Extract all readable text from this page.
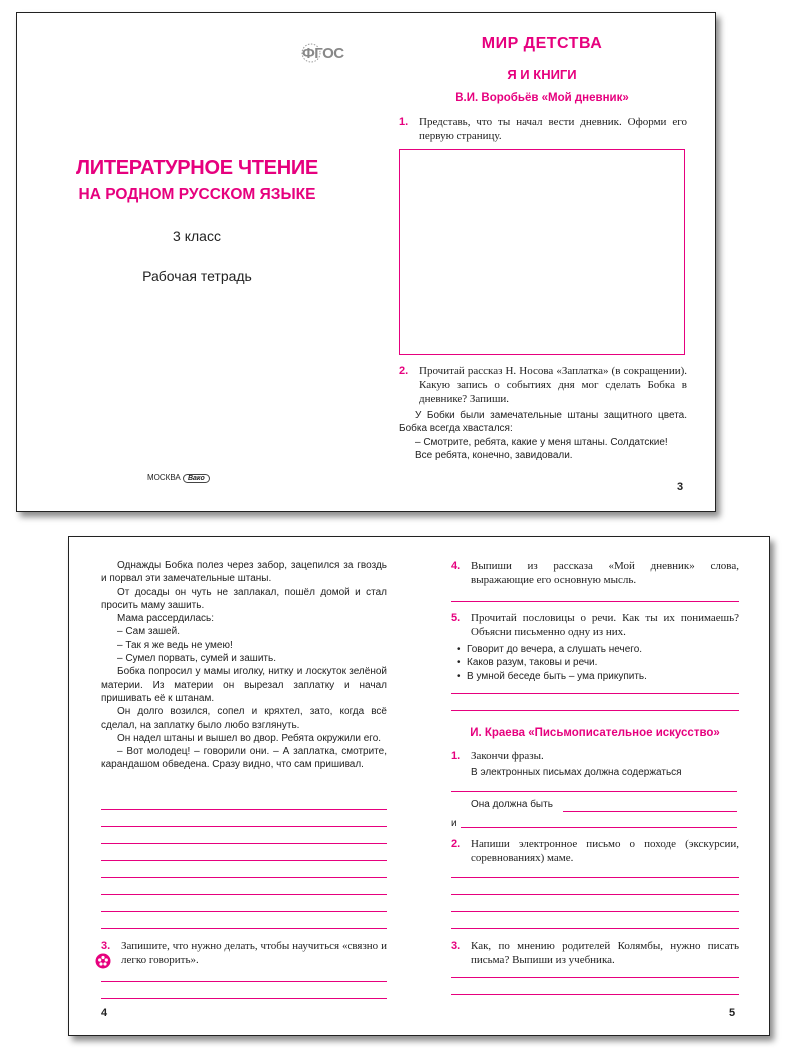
ФГОС
ЛИТЕРАТУРНОЕ ЧТЕНИЕ
НА РОДНОМ РУССКОМ ЯЗЫКЕ
3 класс
Рабочая тетрадь
МОСКВА Вако
МИР ДЕТСТВА
Я И КНИГИ
В.И. Воробьёв «Мой дневник»
1. Представь, что ты начал вести дневник. Оформи его первую страницу.
2. Прочитай рассказ Н. Носова «Заплатка» (в сокращении). Какую запись о событиях дня мог сделать Бобка в дневнике? Запиши.

У Бобки были замечательные штаны защитного цвета. Бобка всегда хвастался:

– Смотрите, ребята, какие у меня штаны. Солдатские!

Все ребята, конечно, завидовали.

3

Однажды Бобка полез через забор, зацепился за гвоздь и порвал эти замечательные штаны.

От досады он чуть не заплакал, пошёл домой и стал просить маму зашить.

Мама рассердилась:

– Сам зашей.

– Так я же ведь не умею!

– Сумел порвать, сумей и зашить.

Бобка попросил у мамы иголку, нитку и лоскуток зелёной материи. Из материи он вырезал заплатку и начал пришивать её к штанам.

Он долго возился, сопел и кряхтел, зато, когда всё сделал, на заплатку было любо взглянуть.

Он надел штаны и вышел во двор. Ребята окружили его.

– Вот молодец! – говорили они. – А заплатка, смотрите, карандашом обведена. Сразу видно, что сам пришивал.

3. Запишите, что нужно делать, чтобы научиться «связно и легко говорить».
4
4. Выпиши из рассказа «Мой дневник» слова, выражающие его основную мысль.
5. Прочитай пословицы о речи. Как ты их понимаешь? Объясни письменно одну из них.
• Говорит до вечера, а слушать нечего.
• Каков разум, таковы и речи.
• В умной беседе быть – ума прикупить.
И. Краева «Письмописательное искусство»
1. Закончи фразы.
В электронных письмах должна содержаться
Она должна быть
и
2. Напиши электронное письмо о походе (экскурсии, соревнованиях) маме.
3. Как, по мнению родителей Колямбы, нужно писать письма? Выпиши из учебника.
5
